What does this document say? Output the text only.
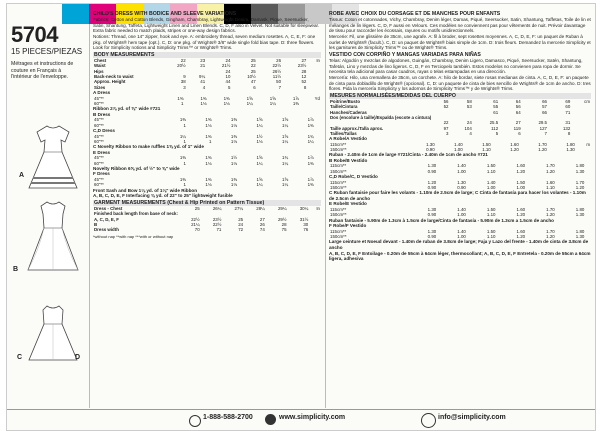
5704
15 PIECES/PIEZAS
Métrages et instructions de couture en Français à l'intérieur de l'enveloppe.
A
B
C	D
CHILD'S DRESS WITH BODICE AND SLEEVE VARIATIONS
Fabrics: Cotton and Cotton Blends, Gingham, Chambray, Lightweight Denim, Damask, Pique, Seersucker, Satin, Shantung, Taffeta, Lightweight Linen and Linen Blends. C, D, F also in Velvet. Not suitable for sleepwear. Extra fabric needed to match plaids, stripes or one-way design fabrics.
Notions: Thread, one 14" zipper, hook and eye. A: embroidery thread, seven medium rosettes. A, C, E, F: one pkg. of Wrights® hem tape (opt.). C, D: one pkg. of Wrights® 3/8" wide single fold bias tape. D: three flowers. Look for Simplicity notions and Simplicity Trims™ or Wrights® Trims.
BODY MEASUREMENTS
Chest	22	23	24	25	26	27	In
Waist	20½	21	21½	22	22½	23½	
Hips			24	25	26½	28	
Back-neck to waist	9	9¼	10	10½	11½	12	
Approx. Height	38	41	44	47	50	52	
Sizes	3	4	5	6	7	8	
A Dress
45"**	1⅜	1⅜	1⅜	1⅝	1⅝	1⅞	Yd
60"**	1	1⅛	1⅛	1¼	1¼	1⅜	
Ribbon 2⅞ yd. of ⅝" wide #721
B Dress
45"**	1⅜	1⅜	1⅜	1⅝	1⅝	1⅞	
60"**	1	1⅛	1⅛	1¼	1¼	1⅜	
C,D Dress
45"**	1¼	1⅜	1⅜	1½	1⅝	1¾	
60"**	1	1	1⅛	1⅛	1¼	1¼	
C Novelty Ribbon to make ruffles 1⅝ yd. of 1" wide
E Dress
45"**	1⅜	1⅜	1½	1⅝	1¾	1⅞	
60"**	1	1⅛	1⅛	1¼	1¼	1⅜	
Novelty Ribbon 6⅝ yd. of ½" to ⅝" wide
F Dress
45"**	1⅜	1⅜	1⅜	1⅝	1⅝	1⅞	
60"**	1	1⅛	1⅛	1¼	1¼	1⅜	
Front Sash and Bow 1⅛ yd. of 1⅛" wide Ribbon
A, B, C, D, E, F Interfacing ⅜ yd. of 22" to 25" lightweight fusible
GARMENT MEASUREMENTS (Chest & Hip Printed on Pattern Tissue)
Dress - Chest	25	26¼	27¼	28¼	29¼	30¼	In
Finished back length from base of neck:							
A, C, D, E, F	22½	23½	25	27	29½	31½	
B	21¼	22½	24	26	28	30	
Dress width	70	71	72	74	75	76	
*without nap **with nap ***with or without nap
ROBE AVEC CHOIX DU CORSAGE ET DE MANCHES POUR ENFANTS
Tissus: Coton et cotonnades, Vichy, Chambray, Denim léger, Damas, Piqué, Seersucker, Satin, Shantung, Taffetas, Toile de lin et mélanges de lin légers. C, D, F aussi en Velours. Ces modèles ne conviennent pas pour vêtements de nuit. Prévoir davantage de tissu pour raccorder les écossais, rayures ou motifs unidirectionnels.
Mercerie: Fil, une glissière de 35cm, une agrafe. A: fil à broder, sept rosettes moyennes. A, C, D, E, F: un paquet de Ruban à ourlet de Wrights® (facult.). C, D: un paquet de Wrights® biais simple de 1cm. D: trois fleurs. Demandez la mercerie Simplicity et les garnitures de Simplicity Trims™ ou de Wrights® Trims.
VESTIDO CON CORPIÑO Y MANGAS VARIADAS PARA NIÑAS
Telas: Algodón y mezclas de algodones, Guingán, Chambray, Denim Ligero, Damasco, Piqué, Seersucker, Satén, Shantung, Tafetán, Lino y mezclas de lino ligeros. C, D, F en Terciopelo también. Estos modelos no convienen para ropa de dormir. Se necesita tela adicional para casar cuadros, rayas o telas estampadas en una dirección.
Mercería: Hilo, una cremallera de 35cm, un corchete. A: hilo de bordar, siete rosas medianas de cinta. A, C, D, E, F: un paquete de cinta para dobladillo de Wrights® (opcional). C, D: un paquete de cinta de bies sencillo de Wrights® de 1cm de ancho. D: tres flores. Pida la mercería Simplicity y los adornos de Simplicity Trims™ y de Wrights® Trims.
MESURES NORMALISÉES/MEDIDAS DEL CUERPO
Poitrine/Busto	56	58	61	64	66	69	cm
Taille/Cintura	52	53	55	56	57	60	
Hanches/Caderas			61	64	66	71	
Dos (encolure à taille)/Espalda (escote a cintura)							
	22	24	25.5	27	29.5	31	
Taille approx./Talla aprox.	97	104	112	119	127	132	
Tailles/Tallas	3	4	5	6	7	8	
A Robe/A Vestido
115cm**	1.30	1.40	1.50	1.60	1.70	1.80	m
150cm**	0.90	1.00	1.10	1.20	1.20	1.30	
Ruban - 2.40m de 1cm de large #721/Cinta - 2.40m de 1cm de ancho #721
B Robe/B Vestido
115cm**	1.30	1.40	1.50	1.60	1.70	1.80	
150cm**	0.90	1.00	1.10	1.20	1.20	1.30	
C,D Robe/C, D Vestido
115cm**	1.20	1.30	1.40	1.50	1.60	1.70	
150cm**	0.90	0.90	1.00	1.00	1.10	1.20	
C Ruban fantaisie pour faire les volants - 1.10m de 2.5cm de large; C Cinta de fantasía para hacer los volantes - 1.10m de 2.5cm de ancho
E Robe/E Vestido
115cm**	1.30	1.40	1.50	1.60	1.70	1.80	
150cm**	0.90	1.00	1.10	1.20	1.20	1.30	
Ruban fantaisie - 5.90m de 1.3cm à 1.5cm de large/Cinta de fantasía - 5.90m de 1.3cm a 1.5cm de ancho
F Robe/F Vestido
115cm**	1.30	1.40	1.50	1.60	1.70	1.80	
150cm**	0.90	1.00	1.10	1.20	1.20	1.30	
Large ceinture et Noeud devant - 1.40m de ruban de 3.8cm de large; Faja y Lazo del frente - 1.40m de cinta de 3.8cm de ancho
A, B, C, D, E, F Entoilage - 0.20m de 55cm à 64cm léger, thermocollant; A, B, C, D, E, F Entretela - 0.20m de 55cm a 64cm ligera, adhesiva
1-888-588-2700	www.simplicity.com	info@simplicity.com
